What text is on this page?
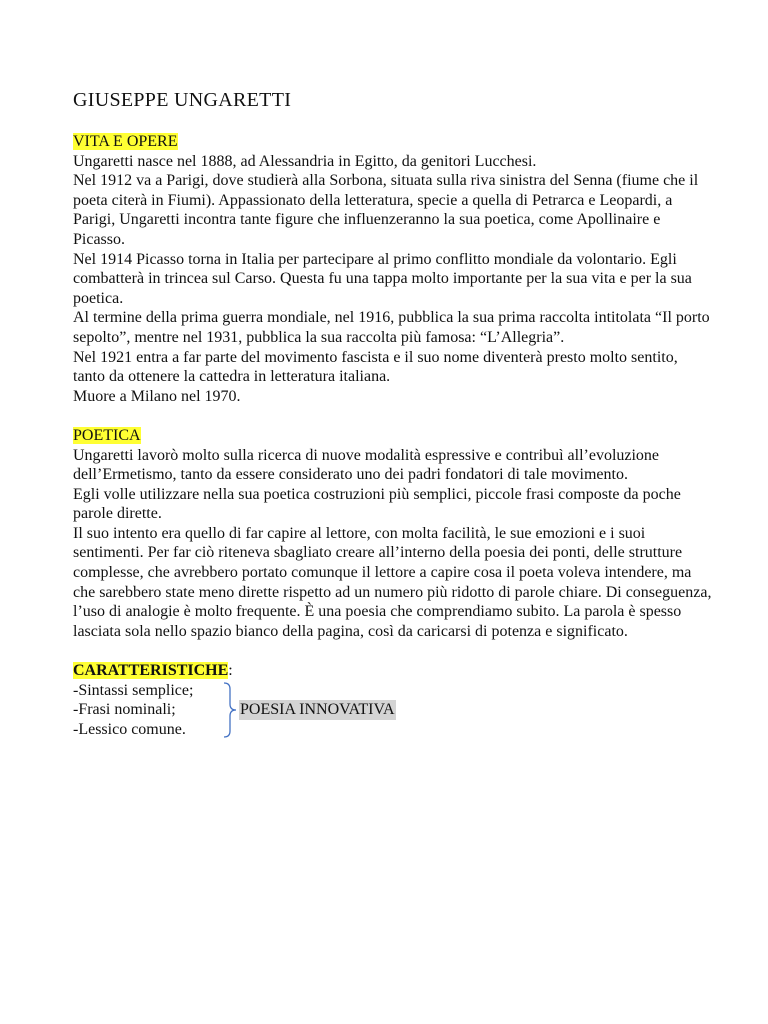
GIUSEPPE UNGARETTI
VITA E OPERE

Ungaretti nasce nel 1888, ad Alessandria in Egitto, da genitori Lucchesi.

Nel 1912 va a Parigi, dove studierà alla Sorbona, situata sulla riva sinistra del Senna (fiume che il poeta citerà in Fiumi). Appassionato della letteratura, specie a quella di Petrarca e Leopardi, a Parigi, Ungaretti incontra tante figure che influenzeranno la sua poetica, come Apollinaire e Picasso.

Nel 1914 Picasso torna in Italia per partecipare al primo conflitto mondiale da volontario. Egli combatterà in trincea sul Carso. Questa fu una tappa molto importante per la sua vita e per la sua poetica.

Al termine della prima guerra mondiale, nel 1916, pubblica la sua prima raccolta intitolata “Il porto sepolto”, mentre nel 1931, pubblica la sua raccolta più famosa: “L’Allegria”.

Nel 1921 entra a far parte del movimento fascista e il suo nome diventerà presto molto sentito, tanto da ottenere la cattedra in letteratura italiana.

Muore a Milano nel 1970.

POETICA

Ungaretti lavorò molto sulla ricerca di nuove modalità espressive e contribuì all’evoluzione dell’Ermetismo, tanto da essere considerato uno dei padri fondatori di tale movimento.

Egli volle utilizzare nella sua poetica costruzioni più semplici, piccole frasi composte da poche parole dirette.

Il suo intento era quello di far capire al lettore, con molta facilità, le sue emozioni e i suoi sentimenti. Per far ciò riteneva sbagliato creare all’interno della poesia dei ponti, delle strutture complesse, che avrebbero portato comunque il lettore a capire cosa il poeta voleva intendere, ma che sarebbero state meno dirette rispetto ad un numero più ridotto di parole chiare. Di conseguenza, l’uso di analogie è molto frequente. È una poesia che comprendiamo subito. La parola è spesso lasciata sola nello spazio bianco della pagina, così da caricarsi di potenza e significato.

CARATTERISTICHE:

-Sintassi semplice;

-Frasi nominali;

-Lessico comune.

POESIA INNOVATIVA
